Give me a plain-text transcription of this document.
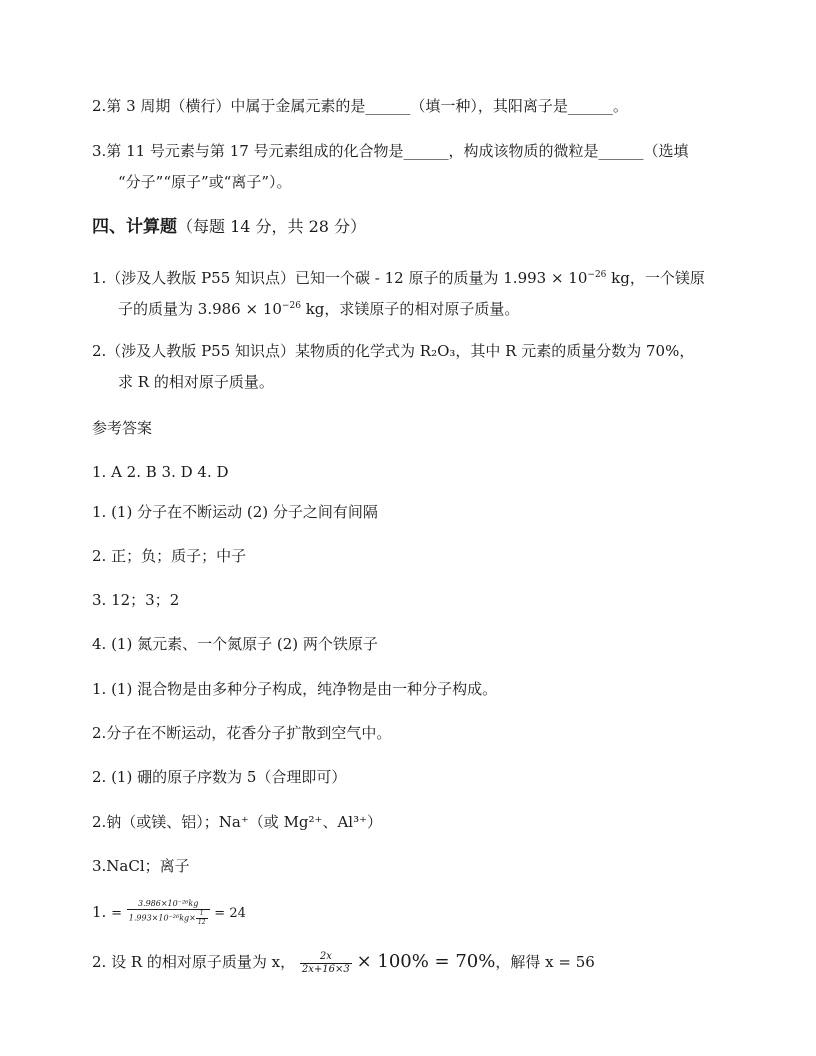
2.第 3 周期（横行）中属于金属元素的是______（填一种），其阳离子是______。
3.第 11 号元素与第 17 号元素组成的化合物是______，构成该物质的微粒是______（选填
“分子”“原子”或“离子”）。
四、计算题（每题 14 分，共 28 分）
1.（涉及人教版 P55 知识点）已知一个碳 - 12 原子的质量为 $1.993 \times 10^{-26}$ kg，一个镁原
子的质量为 $3.986 \times 10^{-26}$ kg，求镁原子的相对原子质量。
2.（涉及人教版 P55 知识点）某物质的化学式为 R₂O₃，其中 R 元素的质量分数为 70%，
求 R 的相对原子质量。
参考答案
1. A 2. B 3. D 4. D
1. (1) 分子在不断运动 (2) 分子之间有间隔
2. 正；负；质子；中子
3. 12；3；2
4. (1) 氮元素、一个氮原子 (2) 两个铁原子
1. (1) 混合物是由多种分子构成，纯净物是由一种分子构成。
2.分子在不断运动，花香分子扩散到空气中。
2. (1) 硼的原子序数为 5（合理即可）
2.钠（或镁、铝）；Na⁺（或 Mg²⁺、Al³⁺）
3.NaCl；离子
1. = $\frac{\text{3.986×10⁻²⁶kg}}{1.993\times 10^{-26}kg\times \frac{1}{12}} = 24$
2. 设 R 的相对原子质量为 x， $\frac{2x}{2x+16\times 3} \times 100\% = 70\%$，解得 x = 56
